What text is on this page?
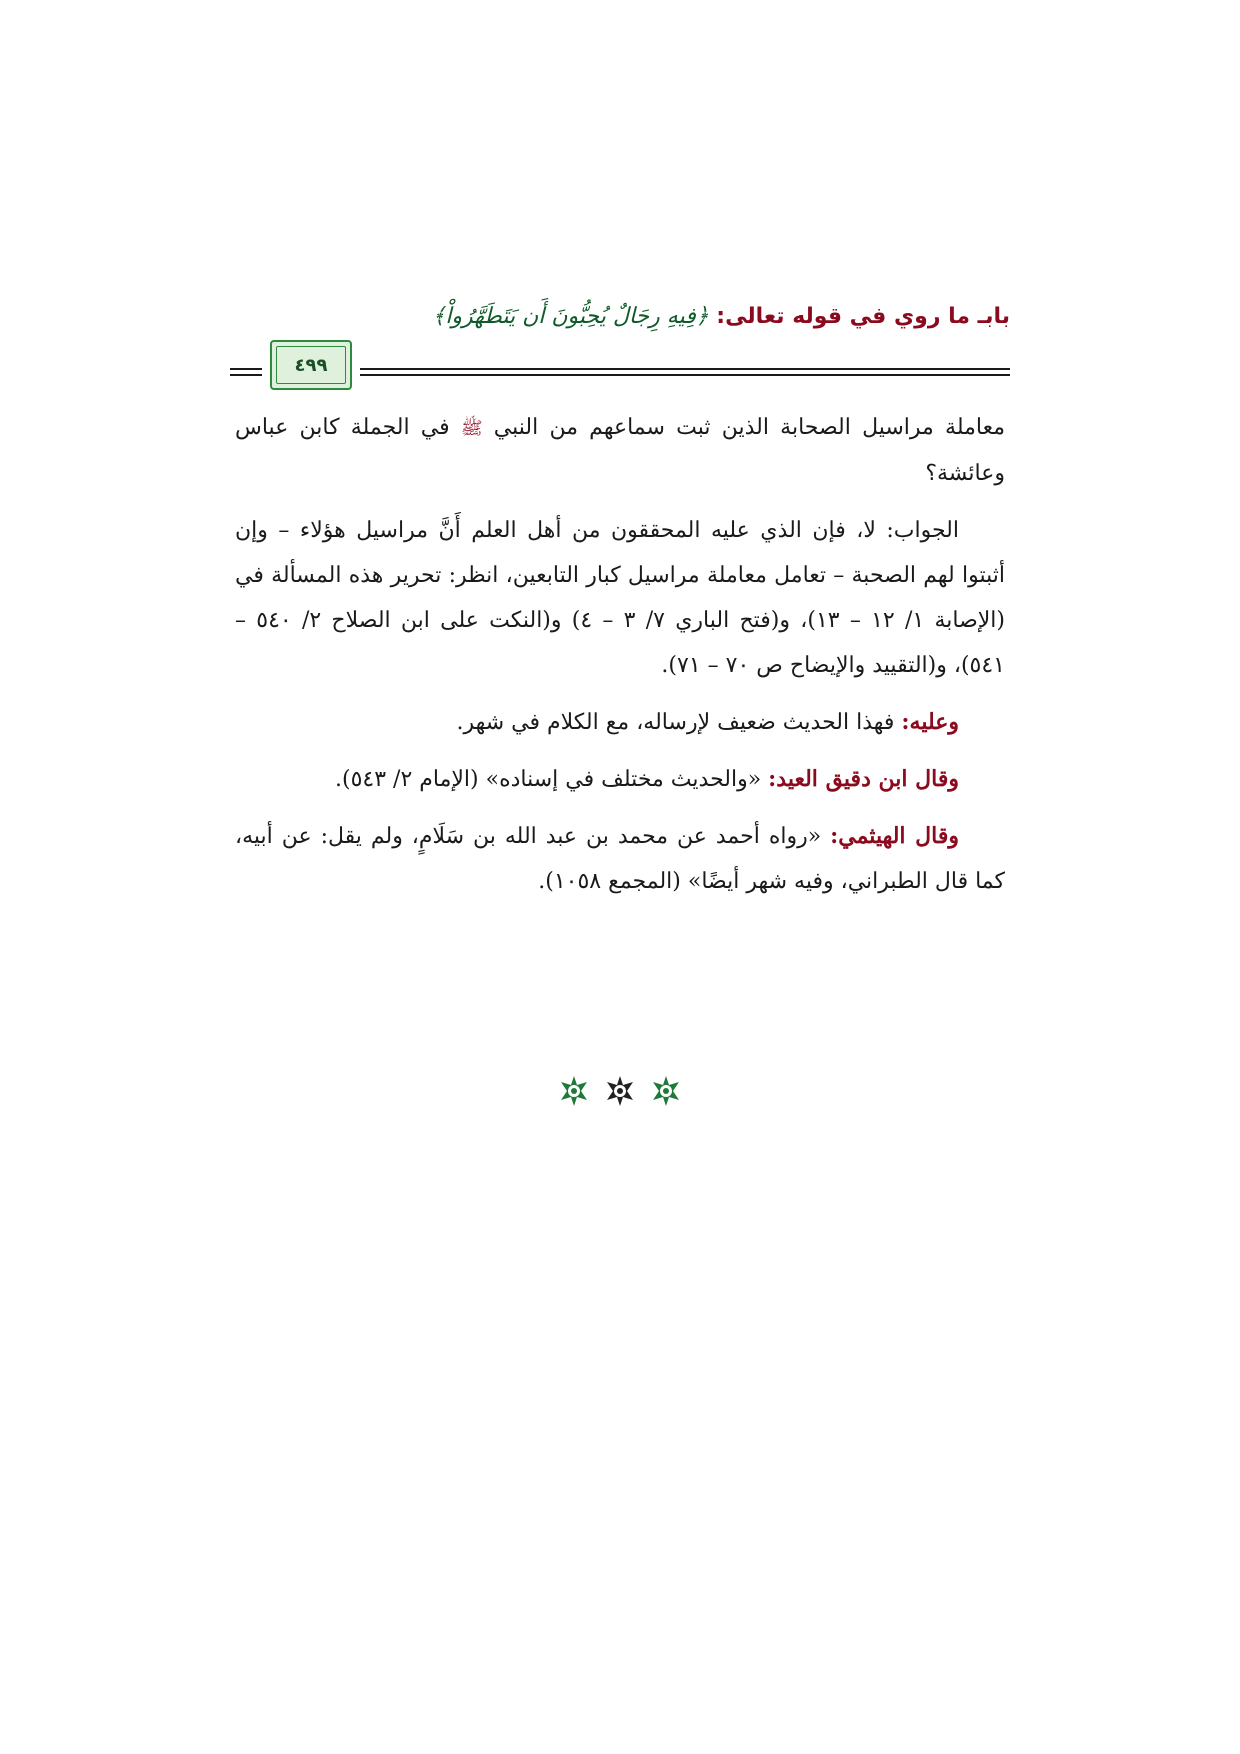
بابـ ما روي في قوله تعالى: ﴿فِيهِ رِجَالٌ يُحِبُّونَ أَن يَتَطَهَّرُواْ﴾
٤٩٩

معاملة مراسيل الصحابة الذين ثبت سماعهم من النبي ﷺ في الجملة كابن عباس وعائشة؟

الجواب: لا، فإن الذي عليه المحققون من أهل العلم أَنَّ مراسيل هؤلاء – وإن أثبتوا لهم الصحبة – تعامل معاملة مراسيل كبار التابعين، انظر: تحرير هذه المسألة في (الإصابة ١/ ١٢ – ١٣)، و(فتح الباري ٧/ ٣ – ٤) و(النكت على ابن الصلاح ٢/ ٥٤٠ – ٥٤١)، و(التقييد والإيضاح ص ٧٠ – ٧١).

وعليه: فهذا الحديث ضعيف لإرساله، مع الكلام في شهر.

وقال ابن دقيق العيد: «والحديث مختلف في إسناده» (الإمام ٢/ ٥٤٣).

وقال الهيثمي: «رواه أحمد عن محمد بن عبد الله بن سَلَامٍ، ولم يقل: عن أبيه، كما قال الطبراني، وفيه شهر أيضًا» (المجمع ١٠٥٨).
